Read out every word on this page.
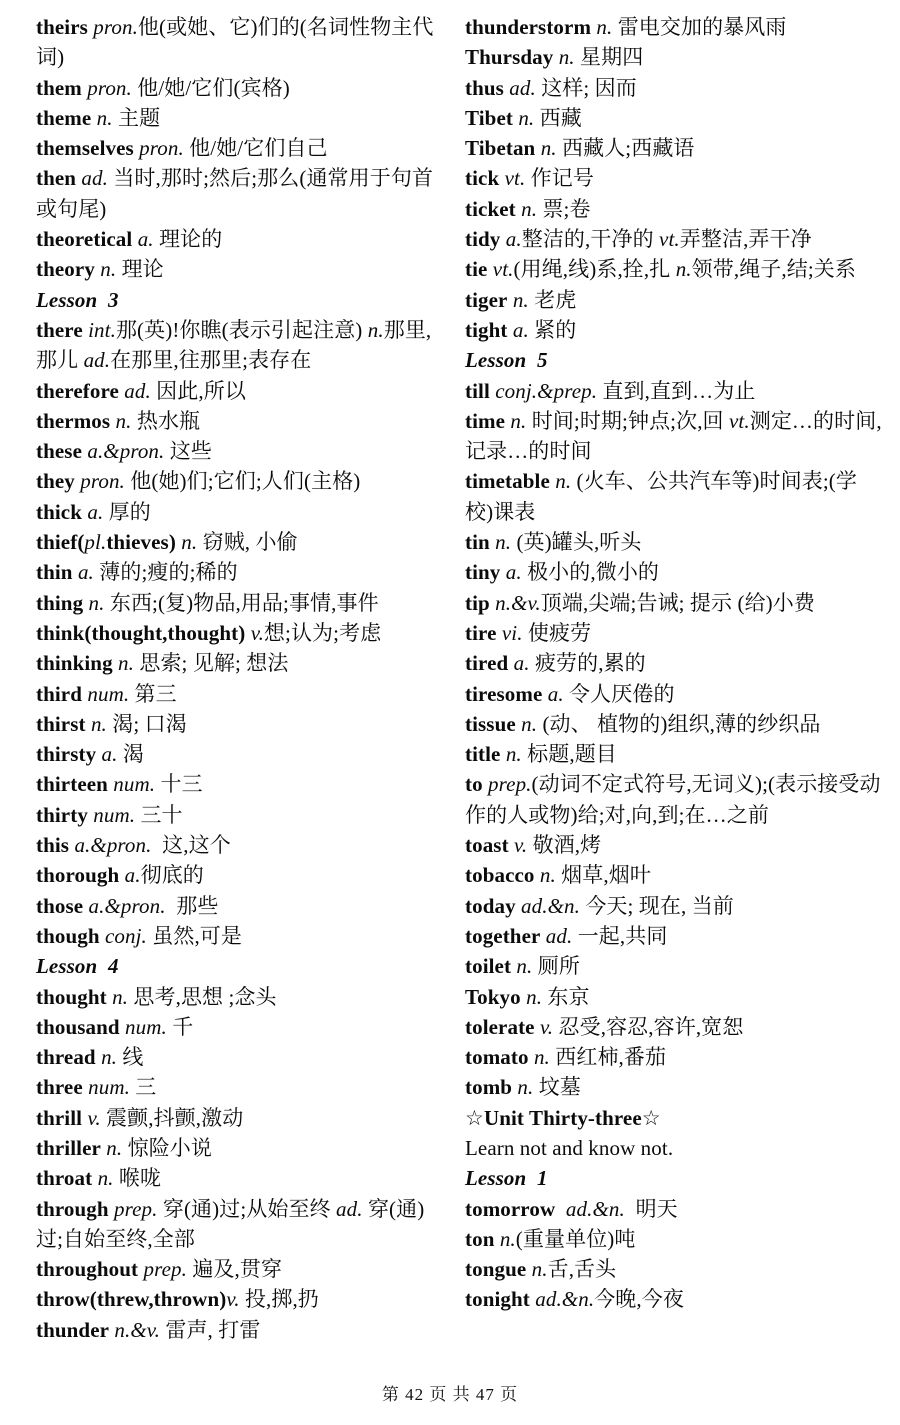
theirs pron.他(或她、它)们的(名词性物主代词)

them pron. 他/她/它们(宾格)

theme n. 主题

themselves pron. 他/她/它们自己

then ad. 当时,那时;然后;那么(通常用于句首或句尾)

theoretical a. 理论的

theory n. 理论

Lesson  3

there int.那(英)!你瞧(表示引起注意) n.那里,那儿 ad.在那里,往那里;表存在

therefore ad. 因此,所以

thermos n. 热水瓶

these a.&pron. 这些

they pron. 他(她)们;它们;人们(主格)

thick a. 厚的

thief(pl.thieves) n. 窃贼, 小偷

thin a. 薄的;瘦的;稀的

thing n. 东西;(复)物品,用品;事情,事件

think(thought,thought) v.想;认为;考虑

thinking n. 思索; 见解; 想法

third num. 第三

thirst n. 渴; 口渴

thirsty a. 渴

thirteen num. 十三

thirty num. 三十

this a.&pron.  这,这个

thorough a.彻底的

those a.&pron.  那些

though conj. 虽然,可是

Lesson  4

thought n. 思考,思想 ;念头

thousand num. 千

thread n. 线

three num. 三

thrill v. 震颤,抖颤,激动

thriller n. 惊险小说

throat n. 喉咙

through prep. 穿(通)过;从始至终 ad. 穿(通)过;自始至终,全部

throughout prep. 遍及,贯穿

throw(threw,thrown)v. 投,掷,扔

thunder n.&v. 雷声, 打雷

thunderstorm n. 雷电交加的暴风雨

Thursday n. 星期四

thus ad. 这样; 因而

Tibet n. 西藏

Tibetan n. 西藏人;西藏语

tick vt. 作记号

ticket n. 票;卷

tidy a.整洁的,干净的 vt.弄整洁,弄干净

tie vt.(用绳,线)系,拴,扎 n.领带,绳子,结;关系

tiger n. 老虎

tight a. 紧的

Lesson  5

till conj.&prep. 直到,直到…为止

time n. 时间;时期;钟点;次,回 vt.测定…的时间,记录…的时间

timetable n. (火车、公共汽车等)时间表;(学校)课表

tin n. (英)罐头,听头

tiny a. 极小的,微小的

tip n.&v.顶端,尖端;告诫; 提示 (给)小费

tire vi. 使疲劳

tired a. 疲劳的,累的

tiresome a. 令人厌倦的

tissue n. (动、 植物的)组织,薄的纱织品

title n. 标题,题目

to prep.(动词不定式符号,无词义);(表示接受动作的人或物)给;对,向,到;在…之前

toast v. 敬酒,烤

tobacco n. 烟草,烟叶

today ad.&n. 今天; 现在, 当前

together ad. 一起,共同

toilet n. 厕所

Tokyo n. 东京

tolerate v. 忍受,容忍,容许,宽恕

tomato n. 西红柿,番茄

tomb n. 坟墓

☆Unit Thirty-three☆

Learn not and know not.

Lesson  1

tomorrow  ad.&n.  明天

ton n.(重量单位)吨

tongue n.舌,舌头

tonight ad.&n.今晚,今夜

第 42 页 共 47 页
